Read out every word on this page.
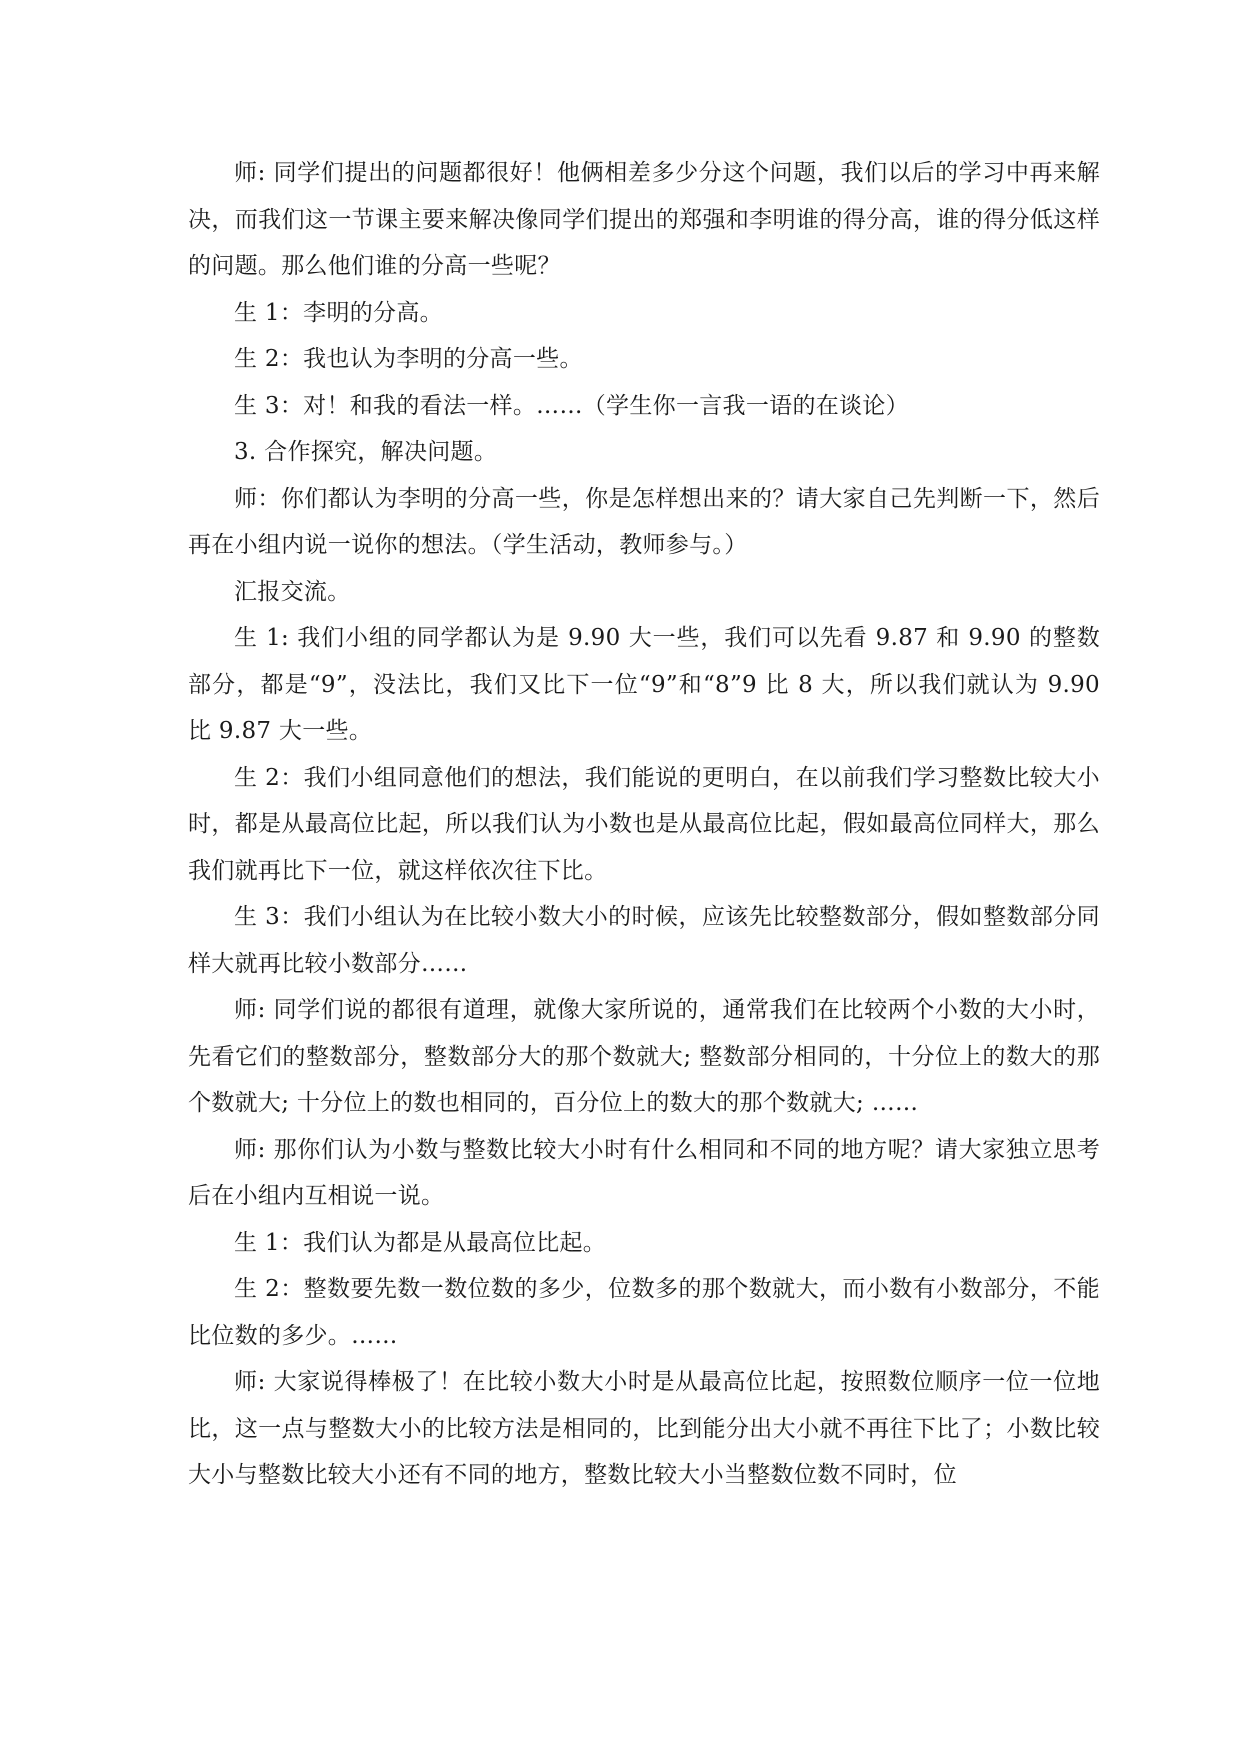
师: 同学们提出的问题都很好！他俩相差多少分这个问题，我们以后的学习中再来解决，而我们这一节课主要来解决像同学们提出的郑强和李明谁的得分高，谁的得分低这样的问题。那么他们谁的分高一些呢？

生 1：李明的分高。

生 2：我也认为李明的分高一些。

生 3：对！和我的看法一样。……（学生你一言我一语的在谈论）

3. 合作探究，解决问题。

师：你们都认为李明的分高一些，你是怎样想出来的？请大家自己先判断一下，然后再在小组内说一说你的想法。（学生活动，教师参与。）

汇报交流。

生 1: 我们小组的同学都认为是 9.90 大一些，我们可以先看 9.87 和 9.90 的整数部分，都是“9”，没法比，我们又比下一位“9”和“8”9 比 8 大，所以我们就认为 9.90 比 9.87 大一些。

生 2：我们小组同意他们的想法，我们能说的更明白，在以前我们学习整数比较大小时，都是从最高位比起，所以我们认为小数也是从最高位比起，假如最高位同样大，那么我们就再比下一位，就这样依次往下比。

生 3：我们小组认为在比较小数大小的时候，应该先比较整数部分，假如整数部分同样大就再比较小数部分……

师: 同学们说的都很有道理，就像大家所说的，通常我们在比较两个小数的大小时，先看它们的整数部分，整数部分大的那个数就大; 整数部分相同的，十分位上的数大的那个数就大; 十分位上的数也相同的，百分位上的数大的那个数就大; ……

师: 那你们认为小数与整数比较大小时有什么相同和不同的地方呢？请大家独立思考后在小组内互相说一说。

生 1：我们认为都是从最高位比起。

生 2：整数要先数一数位数的多少，位数多的那个数就大，而小数有小数部分，不能比位数的多少。……

师: 大家说得棒极了！在比较小数大小时是从最高位比起，按照数位顺序一位一位地比，这一点与整数大小的比较方法是相同的，比到能分出大小就不再往下比了；小数比较大小与整数比较大小还有不同的地方，整数比较大小当整数位数不同时，位
